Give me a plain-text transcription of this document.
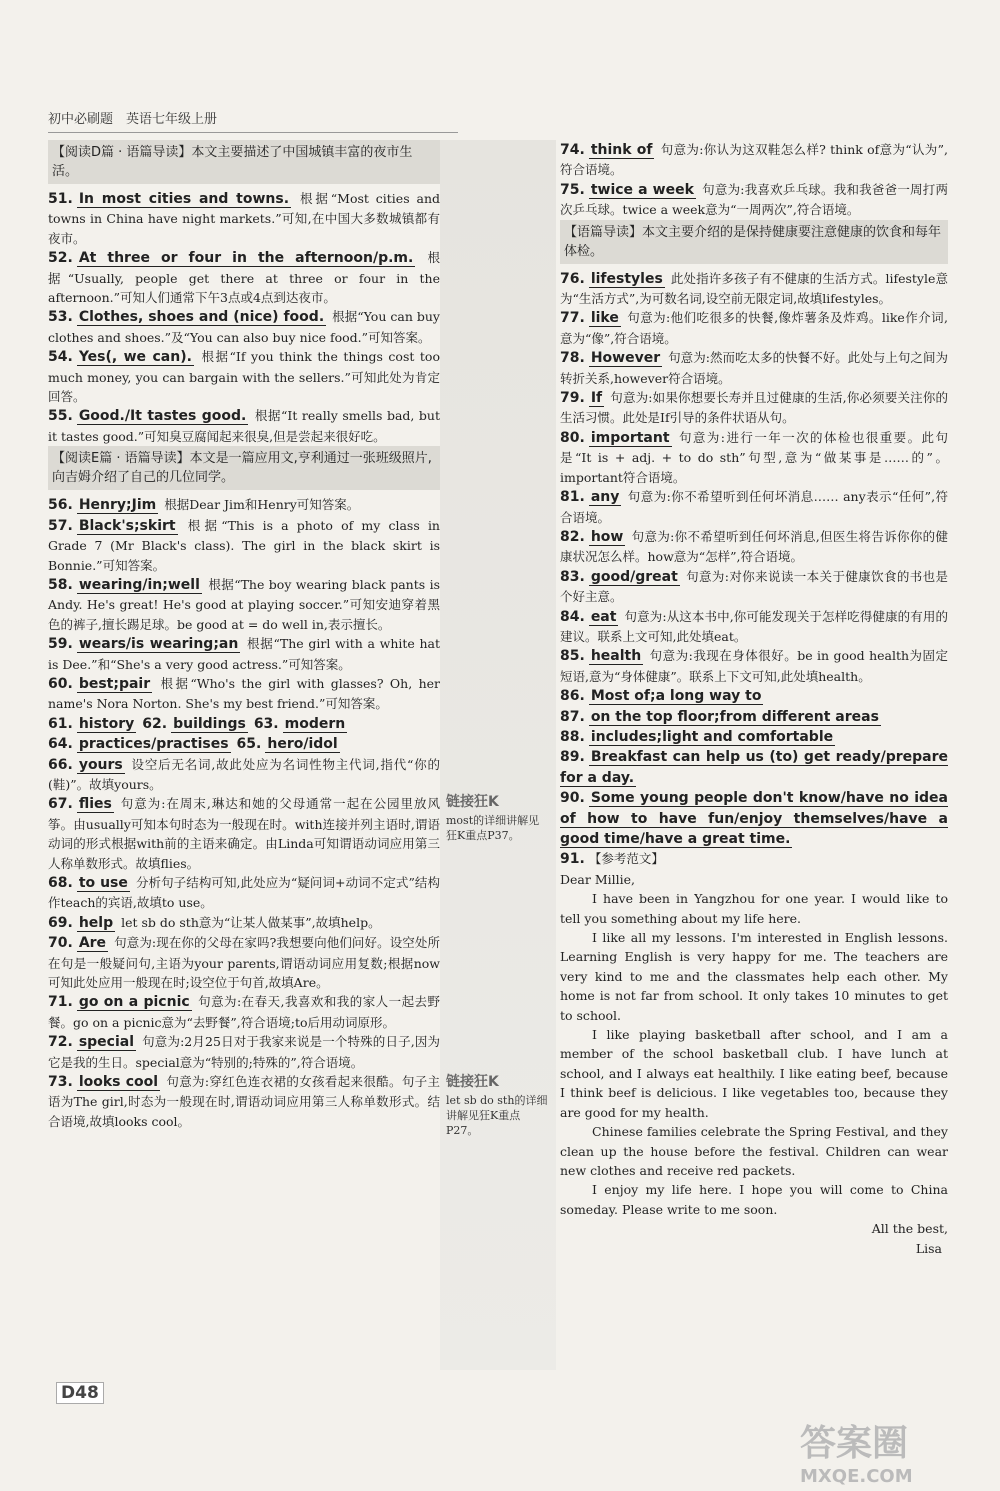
初中必刷题　英语七年级上册
【阅读D篇 · 语篇导读】本文主要描述了中国城镇丰富的夜市生活。

51. In most cities and towns. 根据“Most cities and towns in China have night markets.”可知,在中国大多数城镇都有夜市。

52. At three or four in the afternoon/p.m. 根据“Usually, people get there at three or four in the afternoon.”可知人们通常下午3点或4点到达夜市。

53. Clothes, shoes and (nice) food. 根据“You can buy clothes and shoes.”及“You can also buy nice food.”可知答案。

54. Yes(, we can). 根据“If you think the things cost too much money, you can bargain with the sellers.”可知此处为肯定回答。

55. Good./It tastes good. 根据“It really smells bad, but it tastes good.”可知臭豆腐闻起来很臭,但是尝起来很好吃。

【阅读E篇 · 语篇导读】本文是一篇应用文,亨利通过一张班级照片,向吉姆介绍了自己的几位同学。

56. Henry;Jim 根据Dear Jim和Henry可知答案。

57. Black's;skirt 根据“This is a photo of my class in Grade 7 (Mr Black's class). The girl in the black skirt is Bonnie.”可知答案。

58. wearing/in;well 根据“The boy wearing black pants is Andy. He's great! He's good at playing soccer.”可知安迪穿着黑色的裤子,擅长踢足球。be good at = do well in,表示擅长。

59. wears/is wearing;an 根据“The girl with a white hat is Dee.”和“She's a very good actress.”可知答案。

60. best;pair 根据“Who's the girl with glasses? Oh, her name's Nora Norton. She's my best friend.”可知答案。

61. history 62. buildings 63. modern

64. practices/practises 65. hero/idol

66. yours 设空后无名词,故此处应为名词性物主代词,指代“你的(鞋)”。故填yours。

67. flies 句意为:在周末,琳达和她的父母通常一起在公园里放风筝。由usually可知本句时态为一般现在时。with连接并列主语时,谓语动词的形式根据with前的主语来确定。由Linda可知谓语动词应用第三人称单数形式。故填flies。

68. to use 分析句子结构可知,此处应为“疑问词+动词不定式”结构作teach的宾语,故填to use。

69. help let sb do sth意为“让某人做某事”,故填help。

70. Are 句意为:现在你的父母在家吗?我想要向他们问好。设空处所在句是一般疑问句,主语为your parents,谓语动词应用复数;根据now可知此处应用一般现在时;设空位于句首,故填Are。

71. go on a picnic 句意为:在春天,我喜欢和我的家人一起去野餐。go on a picnic意为“去野餐”,符合语境;to后用动词原形。

72. special 句意为:2月25日对于我家来说是一个特殊的日子,因为它是我的生日。special意为“特别的;特殊的”,符合语境。

73. looks cool 句意为:穿红色连衣裙的女孩看起来很酷。句子主语为The girl,时态为一般现在时,谓语动词应用第三人称单数形式。结合语境,故填looks cool。

链接狂K
most的详细讲解见狂K重点P37。
链接狂K
let sb do sth的详细讲解见狂K重点P27。

74. think of 句意为:你认为这双鞋怎么样? think of意为“认为”,符合语境。

75. twice a week 句意为:我喜欢乒乓球。我和我爸爸一周打两次乒乓球。twice a week意为“一周两次”,符合语境。

【语篇导读】本文主要介绍的是保持健康要注意健康的饮食和每年体检。

76. lifestyles 此处指许多孩子有不健康的生活方式。lifestyle意为“生活方式”,为可数名词,设空前无限定词,故填lifestyles。

77. like 句意为:他们吃很多的快餐,像炸薯条及炸鸡。like作介词,意为“像”,符合语境。

78. However 句意为:然而吃太多的快餐不好。此处与上句之间为转折关系,however符合语境。

79. If 句意为:如果你想要长寿并且过健康的生活,你必须要关注你的生活习惯。此处是If引导的条件状语从句。

80. important 句意为:进行一年一次的体检也很重要。此句是“It is + adj. + to do sth”句型,意为“做某事是……的”。important符合语境。

81. any 句意为:你不希望听到任何坏消息…… any表示“任何”,符合语境。

82. how 句意为:你不希望听到任何坏消息,但医生将告诉你你的健康状况怎么样。how意为“怎样”,符合语境。

83. good/great 句意为:对你来说读一本关于健康饮食的书也是个好主意。

84. eat 句意为:从这本书中,你可能发现关于怎样吃得健康的有用的建议。联系上文可知,此处填eat。

85. health 句意为:我现在身体很好。be in good health为固定短语,意为“身体健康”。联系上下文可知,此处填health。

86. Most of;a long way to

87. on the top floor;from different areas

88. includes;light and comfortable

89. Breakfast can help us (to) get ready/prepare for a day.

90. Some young people don't know/have no idea of how to have fun/enjoy themselves/have a good time/have a great time.

91. 【参考范文】

Dear Millie,

I have been in Yangzhou for one year. I would like to tell you something about my life here.

I like all my lessons. I'm interested in English lessons. Learning English is very happy for me. The teachers are very kind to me and the classmates help each other. My home is not far from school. It only takes 10 minutes to get to school.

I like playing basketball after school, and I am a member of the school basketball club. I have lunch at school, and I always eat healthily. I like eating beef, because I think beef is delicious. I like vegetables too, because they are good for my health.

Chinese families celebrate the Spring Festival, and they clean up the house before the festival. Children can wear new clothes and receive red packets.

I enjoy my life here. I hope you will come to China someday. Please write to me soon.

All the best,

Lisa

D48
答案圈
MXQE.COM
